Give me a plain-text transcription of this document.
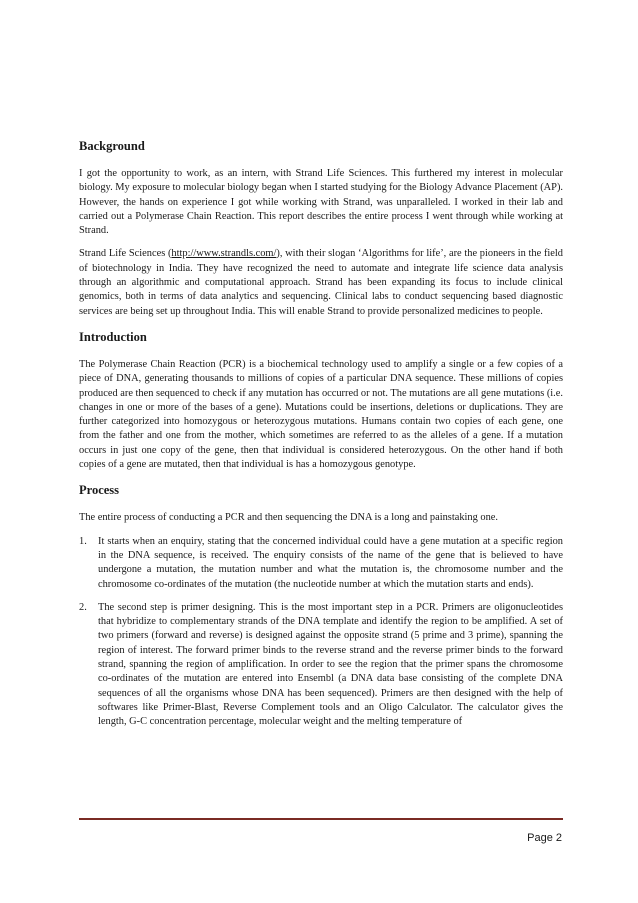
Background

I got the opportunity to work, as an intern, with Strand Life Sciences. This furthered my interest in molecular biology. My exposure to molecular biology began when I started studying for the Biology Advance Placement (AP). However, the hands on experience I got while working with Strand, was unparalleled. I worked in their lab and carried out a Polymerase Chain Reaction. This report describes the entire process I went through while working at Strand.

Strand Life Sciences (http://www.strandls.com/), with their slogan ‘Algorithms for life’, are the pioneers in the field of biotechnology in India. They have recognized the need to automate and integrate life science data analysis through an algorithmic and computational approach. Strand has been expanding its focus to include clinical genomics, both in terms of data analytics and sequencing. Clinical labs to conduct sequencing based diagnostic services are being set up throughout India. This will enable Strand to provide personalized medicines to people.

Introduction

The Polymerase Chain Reaction (PCR) is a biochemical technology used to amplify a single or a few copies of a piece of DNA, generating thousands to millions of copies of a particular DNA sequence. These millions of copies produced are then sequenced to check if any mutation has occurred or not. The mutations are all gene mutations (i.e. changes in one or more of the bases of a gene). Mutations could be insertions, deletions or duplications. They are further categorized into homozygous or heterozygous mutations. Humans contain two copies of each gene, one from the father and one from the mother, which sometimes are referred to as the alleles of a gene. If a mutation occurs in just one copy of the gene, then that individual is considered heterozygous. On the other hand if both copies of a gene are mutated, then that individual is has a homozygous genotype.

Process

The entire process of conducting a PCR and then sequencing the DNA is a long and painstaking one.

1. It starts when an enquiry, stating that the concerned individual could have a gene mutation at a specific region in the DNA sequence, is received. The enquiry consists of the name of the gene that is believed to have undergone a mutation, the mutation number and what the mutation is, the chromosome number and the chromosome co-ordinates of the mutation (the nucleotide number at which the mutation starts and ends).

2. The second step is primer designing. This is the most important step in a PCR. Primers are oligonucleotides that hybridize to complementary strands of the DNA template and identify the region to be amplified. A set of two primers (forward and reverse) is designed against the opposite strand (5 prime and 3 prime), spanning the region of interest. The forward primer binds to the reverse strand and the reverse primer binds to the forward strand, spanning the region of amplification. In order to see the region that the primer spans the chromosome co-ordinates of the mutation are entered into Ensembl (a DNA data base consisting of the complete DNA sequences of all the organisms whose DNA has been sequenced). Primers are then designed with the help of softwares like Primer-Blast, Reverse Complement tools and an Oligo Calculator. The calculator gives the length, G-C concentration percentage, molecular weight and the melting temperature of

Page 2
